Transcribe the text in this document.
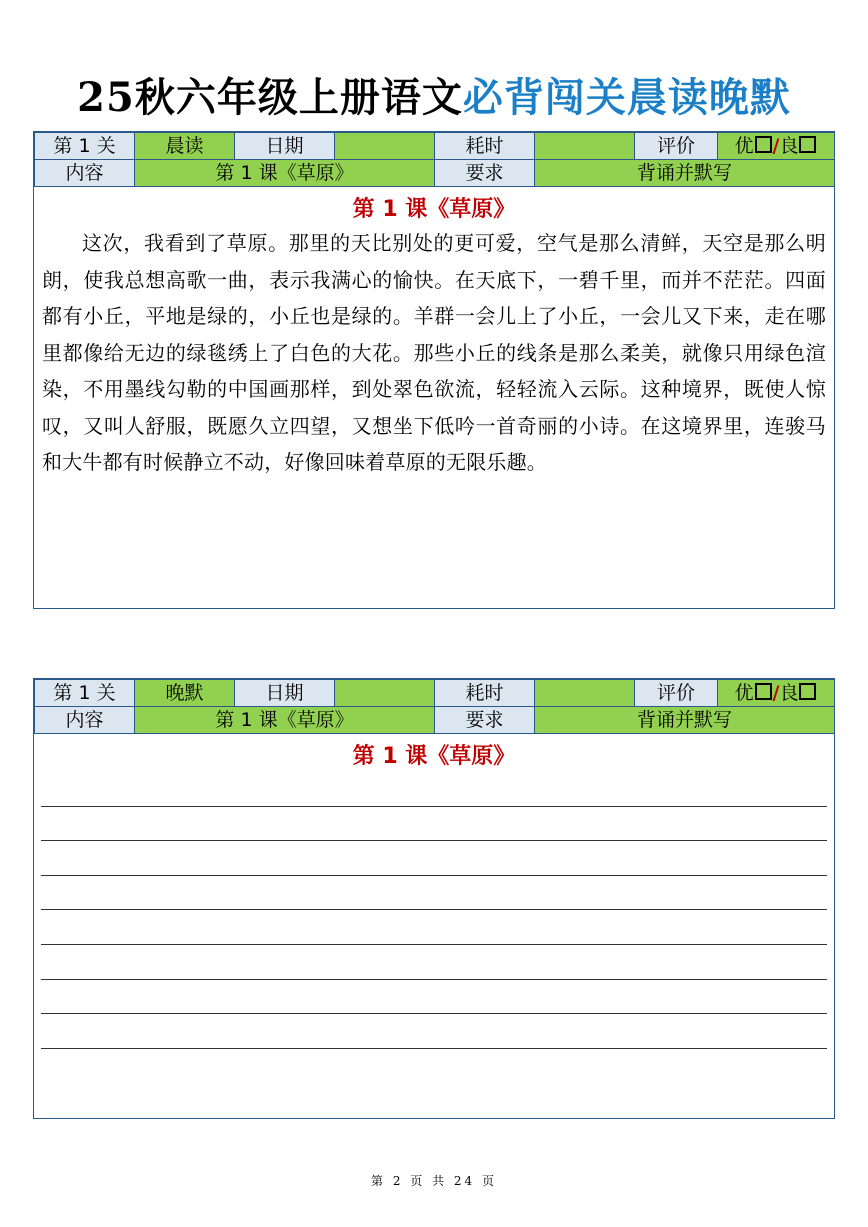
25秋六年级上册语文必背闯关晨读晚默
第 1 关	晨读	日期		耗时		评价	优 /良
内容	第 1 课《草原》			要求	背诵并默写		
第 1 课《草原》
这次，我看到了草原。那里的天比别处的更可爱，空气是那么清鲜，天空是那么明朗，使我总想高歌一曲，表示我满心的愉快。在天底下，一碧千里，而并不茫茫。四面都有小丘，平地是绿的，小丘也是绿的。羊群一会儿上了小丘，一会儿又下来，走在哪里都像给无边的绿毯绣上了白色的大花。那些小丘的线条是那么柔美，就像只用绿色渲染，不用墨线勾勒的中国画那样，到处翠色欲流，轻轻流入云际。这种境界，既使人惊叹，又叫人舒服，既愿久立四望，又想坐下低吟一首奇丽的小诗。在这境界里，连骏马和大牛都有时候静立不动，好像回味着草原的无限乐趣。
第 1 关	晚默	日期		耗时		评价	优 /良
内容	第 1 课《草原》			要求	背诵并默写		
第 1 课《草原》
第 2 页 共 24 页
